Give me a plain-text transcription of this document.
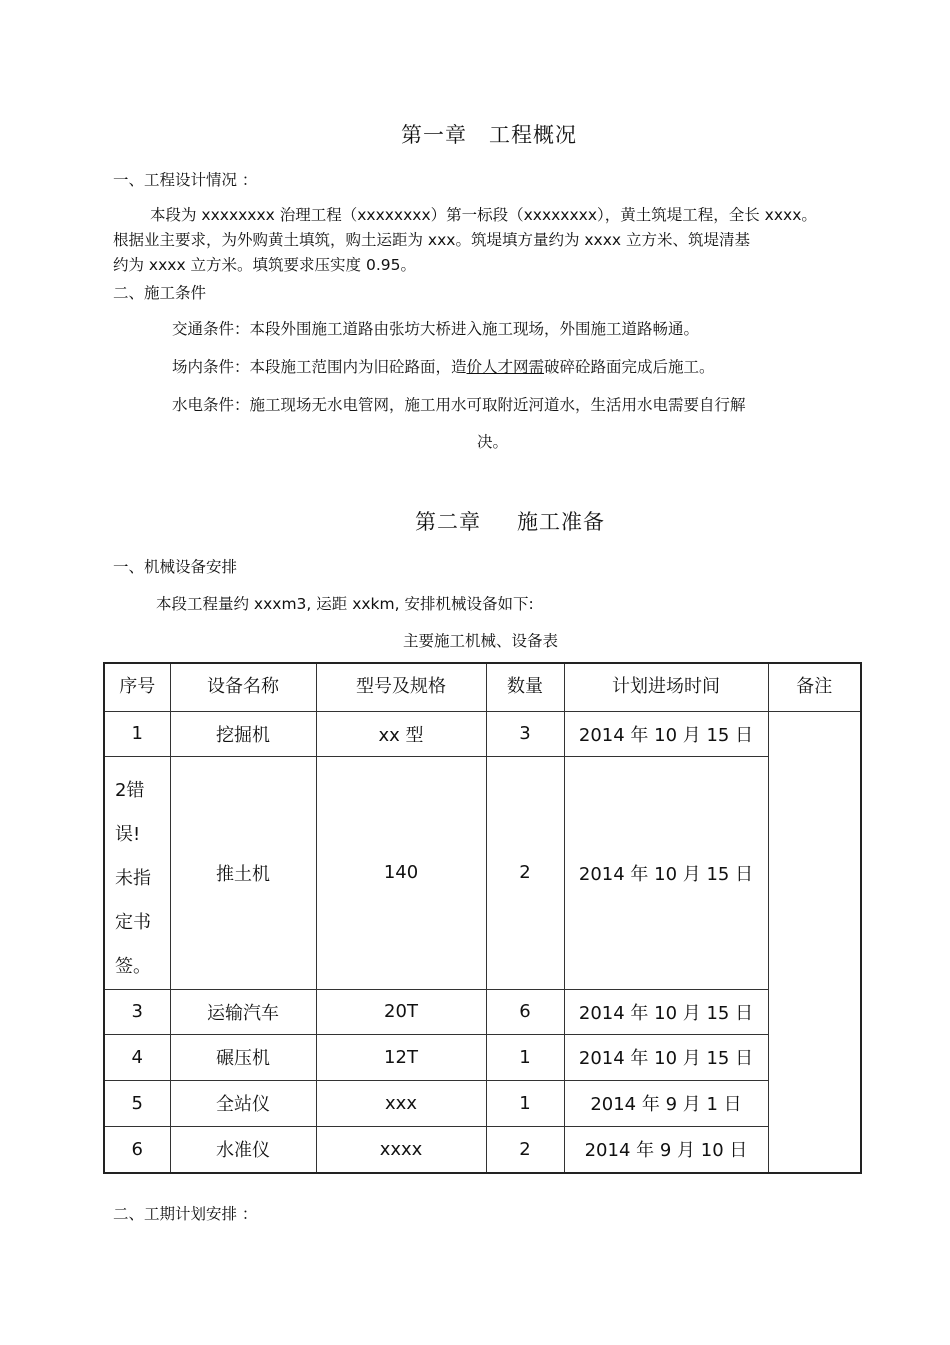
第一章 工程概况
一、工程设计情况 ：
本段为 xxxxxxxx 治理工程（xxxxxxxx）第一标段（xxxxxxxx），黄土筑堤工程，全长 xxxx。
根据业主要求，为外购黄土填筑，购土运距为 xxx。筑堤填方量约为 xxxx 立方米、筑堤清基
约为 xxxx 立方米。填筑要求压实度 0.95。
二、施工条件
交通条件：本段外围施工道路由张坊大桥进入施工现场，外围施工道路畅通。
场内条件：本段施工范围内为旧砼路面，造价人才网需破碎砼路面完成后施工。
水电条件：施工现场无水电管网，施工用水可取附近河道水，生活用水电需要自行解
决。
第二章 施工准备
一、机械设备安排
本段工程量约 xxxm3, 运距 xxkm, 安排机械设备如下:
主要施工机械、设备表
序号	设备名称	型号及规格	数量	计划进场时间	备注
1	挖掘机	xx 型	3	2014 年 10 月 15 日	

2错
误!
未指
定书
签。	推土机	140	2	2014 年 10 月 15 日	
3	运输汽车	20T	6	2014 年 10 月 15 日	
4	碾压机	12T	1	2014 年 10 月 15 日	
5	全站仪	xxx	1	2014 年 9 月 1 日	
6	水准仪	xxxx	2	2014 年 9 月 10 日	
二、工期计划安排 ：
